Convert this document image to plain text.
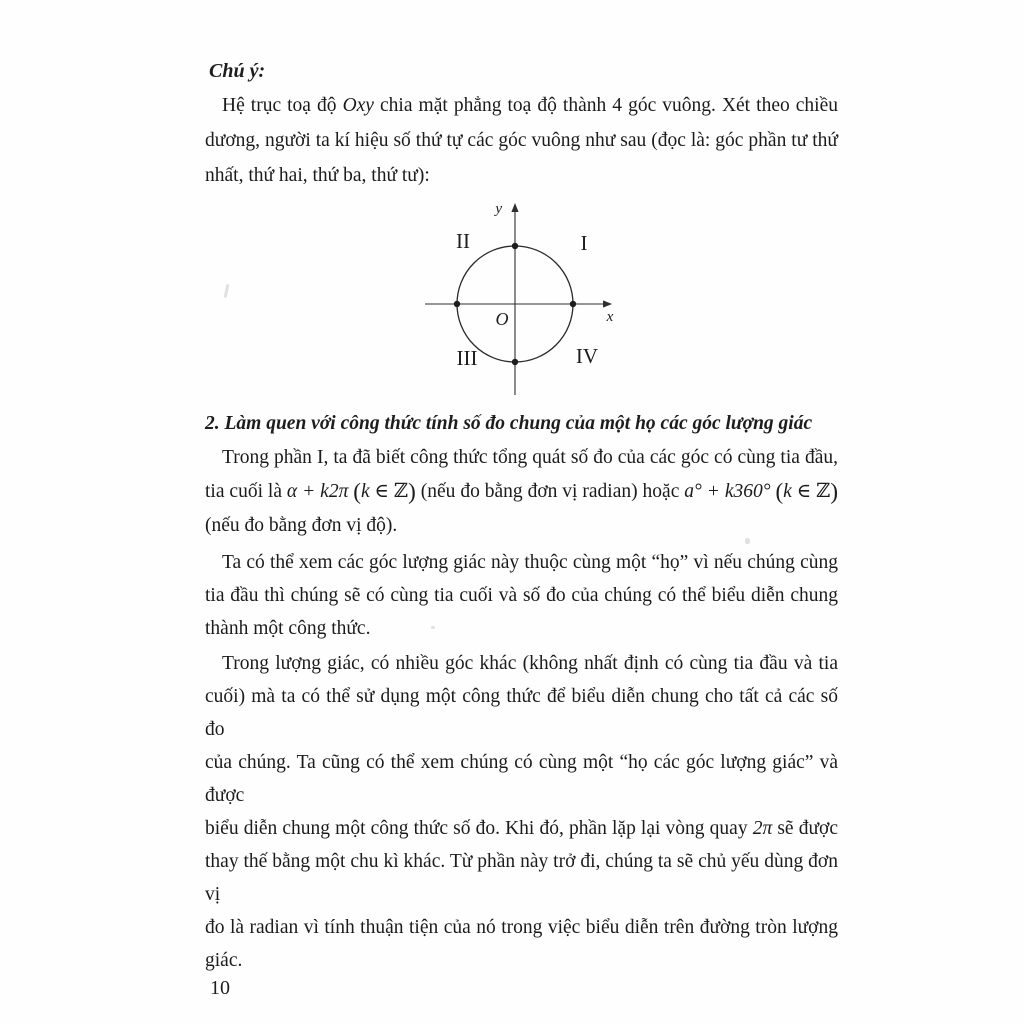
Chú ý:
Hệ trục toạ độ Oxy chia mặt phẳng toạ độ thành 4 góc vuông. Xét theo chiều
dương, người ta kí hiệu số thứ tự các góc vuông như sau (đọc là: góc phần tư thứ
nhất, thứ hai, thứ ba, thứ tư):
y
x
O
I
II
III	IV
2. Làm quen với công thức tính số đo chung của một họ các góc lượng giác
Trong phần I, ta đã biết công thức tổng quát số đo của các góc có cùng tia đầu,
tia cuối là α + k2π (k ∈ ℤ) (nếu đo bằng đơn vị radian) hoặc a° + k360° (k ∈ ℤ)
(nếu đo bằng đơn vị độ).
Ta có thể xem các góc lượng giác này thuộc cùng một “họ” vì nếu chúng cùng
tia đầu thì chúng sẽ có cùng tia cuối và số đo của chúng có thể biểu diễn chung
thành một công thức.
Trong lượng giác, có nhiều góc khác (không nhất định có cùng tia đầu và tia
cuối) mà ta có thể sử dụng một công thức để biểu diễn chung cho tất cả các số đo
của chúng. Ta cũng có thể xem chúng có cùng một “họ các góc lượng giác” và được
biểu diễn chung một công thức số đo. Khi đó, phần lặp lại vòng quay 2π sẽ được
thay thế bằng một chu kì khác. Từ phần này trở đi, chúng ta sẽ chủ yếu dùng đơn vị
đo là radian vì tính thuận tiện của nó trong việc biểu diễn trên đường tròn lượng giác.
10
